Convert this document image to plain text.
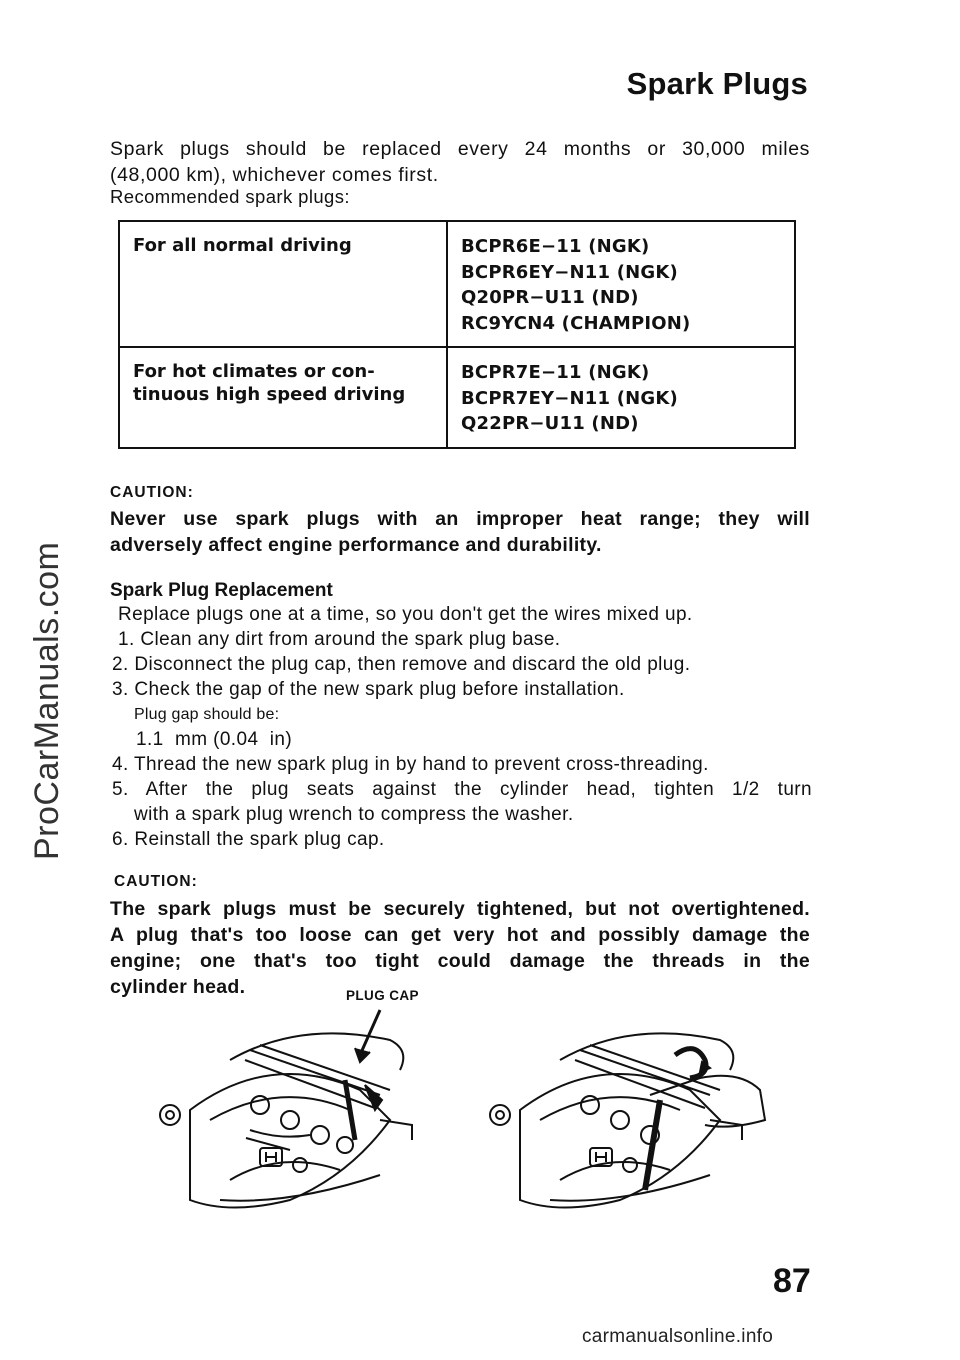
Spark Plugs

Spark plugs should be replaced every 24 months or 30,000 miles

(48,000 km), whichever comes first.

Recommended spark plugs:
For all normal driving	BCPR6E−11 (NGK)
BCPR6EY−N11 (NGK)
Q20PR−U11 (ND)
RC9YCN4 (CHAMPION)

For hot climates or con-
tinuous high speed driving	BCPR7E−11 (NGK)
BCPR7EY−N11 (NGK)
Q22PR−U11 (ND)
CAUTION:
Never use spark plugs with an improper heat range; they will
adversely affect engine performance and durability.
Spark Plug Replacement
Replace plugs one at a time, so you don't get the wires mixed up.
1. Clean any dirt from around the spark plug base.
2. Disconnect the plug cap, then remove and discard the old plug.
3. Check the gap of the new spark plug before installation.
Plug gap should be:
1.1  mm (0.04  in)
4. Thread the new spark plug in by hand to prevent cross-threading.
5. After the plug seats against the cylinder head, tighten 1/2 turn
with a spark plug wrench to compress the washer.
6. Reinstall the spark plug cap.
CAUTION:
The spark plugs must be securely tightened, but not overtightened.
A plug that's too loose can get very hot and possibly damage the
engine; one that's too tight could damage the threads in the
cylinder head.	PLUG CAP
ProCarManuals.com
87
carmanualsonline.info
